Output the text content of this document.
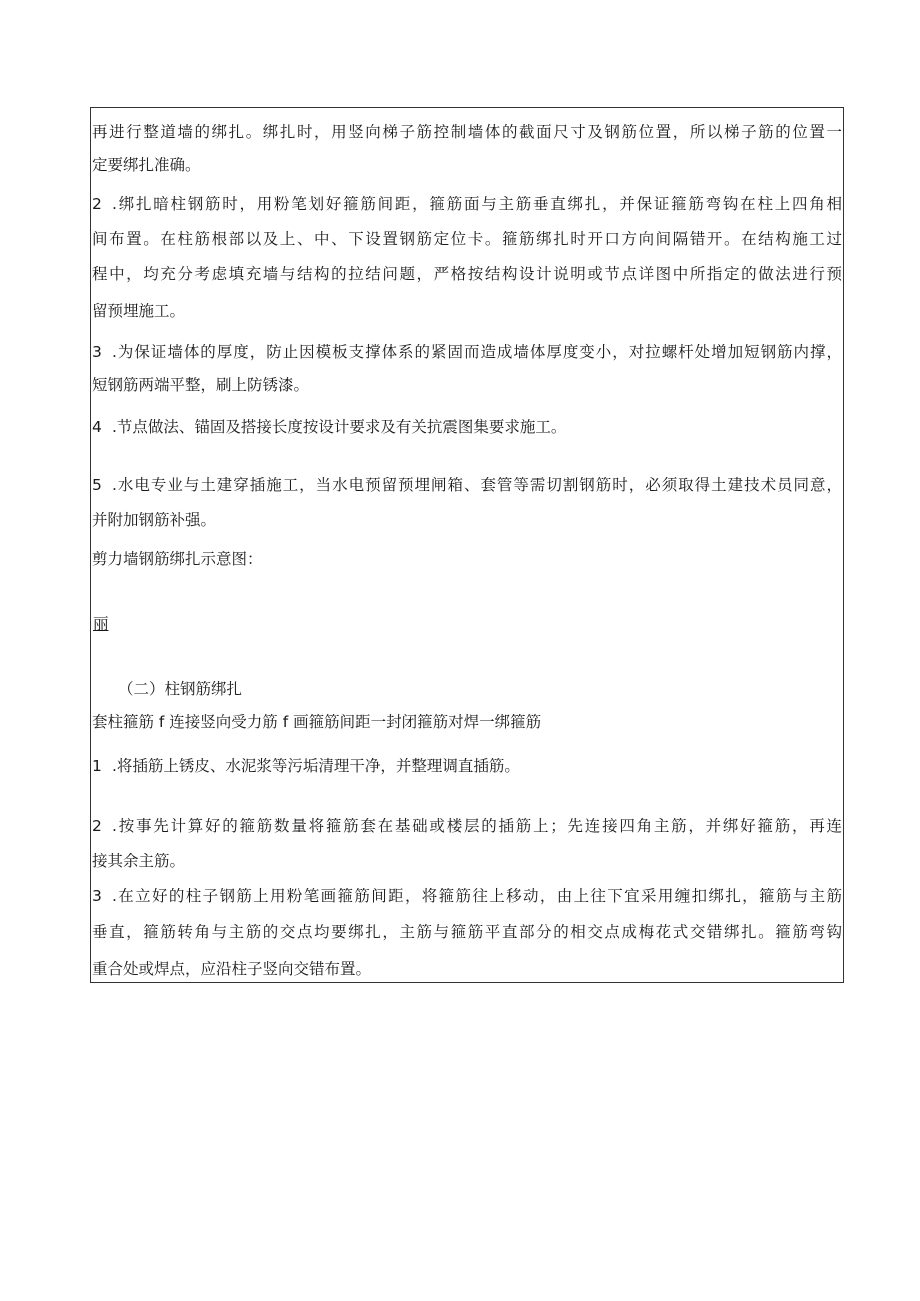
再进行整道墙的绑扎。绑扎时，用竖向梯子筋控制墙体的截面尺寸及钢筋位置，所以梯子筋的位置一
定要绑扎准确。
2 .绑扎暗柱钢筋时，用粉笔划好箍筋间距，箍筋面与主筋垂直绑扎，并保证箍筋弯钩在柱上四角相
间布置。在柱筋根部以及上、中、下设置钢筋定位卡。箍筋绑扎时开口方向间隔错开。在结构施工过
程中，均充分考虑填充墙与结构的拉结问题，严格按结构设计说明或节点详图中所指定的做法进行预
留预埋施工。
3 .为保证墙体的厚度，防止因模板支撑体系的紧固而造成墙体厚度变小，对拉螺杆处增加短钢筋内撑，
短钢筋两端平整，刷上防锈漆。
4 .节点做法、锚固及搭接长度按设计要求及有关抗震图集要求施工。
5 .水电专业与土建穿插施工，当水电预留预埋闸箱、套管等需切割钢筋时，必须取得土建技术员同意，
并附加钢筋补强。
剪力墙钢筋绑扎示意图：
丽
（二）柱钢筋绑扎
套柱箍筋 f 连接竖向受力筋 f 画箍筋间距一封闭箍筋对焊一绑箍筋
1 .将插筋上锈皮、水泥浆等污垢清理干净，并整理调直插筋。
2 .按事先计算好的箍筋数量将箍筋套在基础或楼层的插筋上；先连接四角主筋，并绑好箍筋，再连
接其余主筋。
3 .在立好的柱子钢筋上用粉笔画箍筋间距，将箍筋往上移动，由上往下宜采用缠扣绑扎，箍筋与主筋
垂直，箍筋转角与主筋的交点均要绑扎，主筋与箍筋平直部分的相交点成梅花式交错绑扎。箍筋弯钩
重合处或焊点，应沿柱子竖向交错布置。
